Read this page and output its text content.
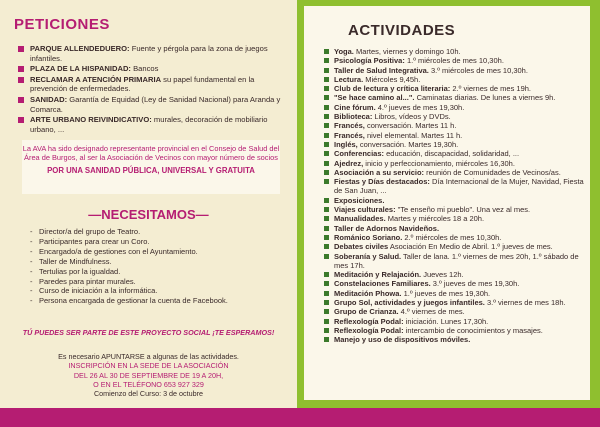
PETICIONES
PARQUE ALLENDEDUERO: Fuente y pérgola para la zona de juegos infantiles.
PLAZA DE LA HISPANIDAD: Bancos
RECLAMAR A ATENCIÓN PRIMARIA su papel fundamental en la prevención de enfermedades.
SANIDAD: Garantía de Equidad (Ley de Sanidad Nacional) para Aranda y Comarca.
ARTE URBANO REIVINDICATIVO: murales, decoración de mobiliario urbano, ...
La AVA ha sido designado representante provincial en el Consejo de Salud del Área de Burgos, al ser la Asociación de Vecinos con mayor número de socios
POR UNA SANIDAD PÚBLICA, UNIVERSAL Y GRATUITA
—NECESITAMOS—
- Director/a del grupo de Teatro.
- Participantes para crear un Coro.
- Encargado/a de gestiones con el Ayuntamiento.
- Taller de Mindfulness.
- Tertulias por la igualdad.
- Paredes para pintar murales.
- Curso de iniciación a la informática.
- Persona encargada de gestionar la cuenta de Facebook.
TÚ PUEDES SER PARTE DE ESTE PROYECTO SOCIAL ¡TE ESPERAMOS!
Es necesario APUNTARSE a algunas de las actividades.
INSCRIPCIÓN EN LA SEDE DE LA ASOCIACIÓN
DEL 26 AL 30 DE SEPTIEMBRE DE 19 A 20H,
O EN EL TELÉFONO 653 927 329
Comienzo del Curso: 3 de octubre
ACTIVIDADES
Yoga. Martes, viernes y domingo 10h.
Psicología Positiva: 1.º miércoles de mes 10,30h.
Taller de Salud Integrativa. 3.º miércoles de mes 10,30h.
Lectura. Miércoles 9,45h.
Club de lectura y crítica literaria: 2.º viernes de mes 19h.
"Se hace camino al...". Caminatas diarias. De lunes a viernes 9h.
Cine fórum. 4.º jueves de mes 19,30h.
Biblioteca: Libros, vídeos y DVDs.
Francés, conversación. Martes 11 h.
Francés, nivel elemental. Martes 11 h.
Inglés, conversación. Martes 19,30h.
Conferencias: educación, discapacidad, solidaridad, ...
Ajedrez, inicio y perfeccionamiento, miércoles 16,30h.
Asociación a su servicio: reunión de Comunidades de Vecinos/as.
Fiestas y Días destacados: Día Internacional de la Mujer, Navidad, Fiesta de San Juan, ...
Exposiciones.
Viajes culturales: "Te enseño mi pueblo". Una vez al mes.
Manualidades. Martes y miércoles 18 a 20h.
Taller de Adornos Navideños.
Románico Soriano. 2.º miércoles de mes 10,30h.
Debates civiles Asociación En Medio de Abril. 1.º jueves de mes.
Soberanía y Salud. Taller de lana. 1.º viernes de mes 20h, 1.º sábado de mes 17h.
Meditación y Relajación. Jueves 12h.
Constelaciones Familiares. 3.º jueves de mes 19,30h.
Meditación Phowa. 1.º jueves de mes 19,30h.
Grupo Sol, actividades y juegos infantiles. 3.º viernes de mes 18h.
Grupo de Crianza. 4.º viernes de mes.
Reflexología Podal: iniciación. Lunes 17,30h.
Reflexología Podal: intercambio de conocimientos y masajes.
Manejo y uso de dispositivos móviles.
